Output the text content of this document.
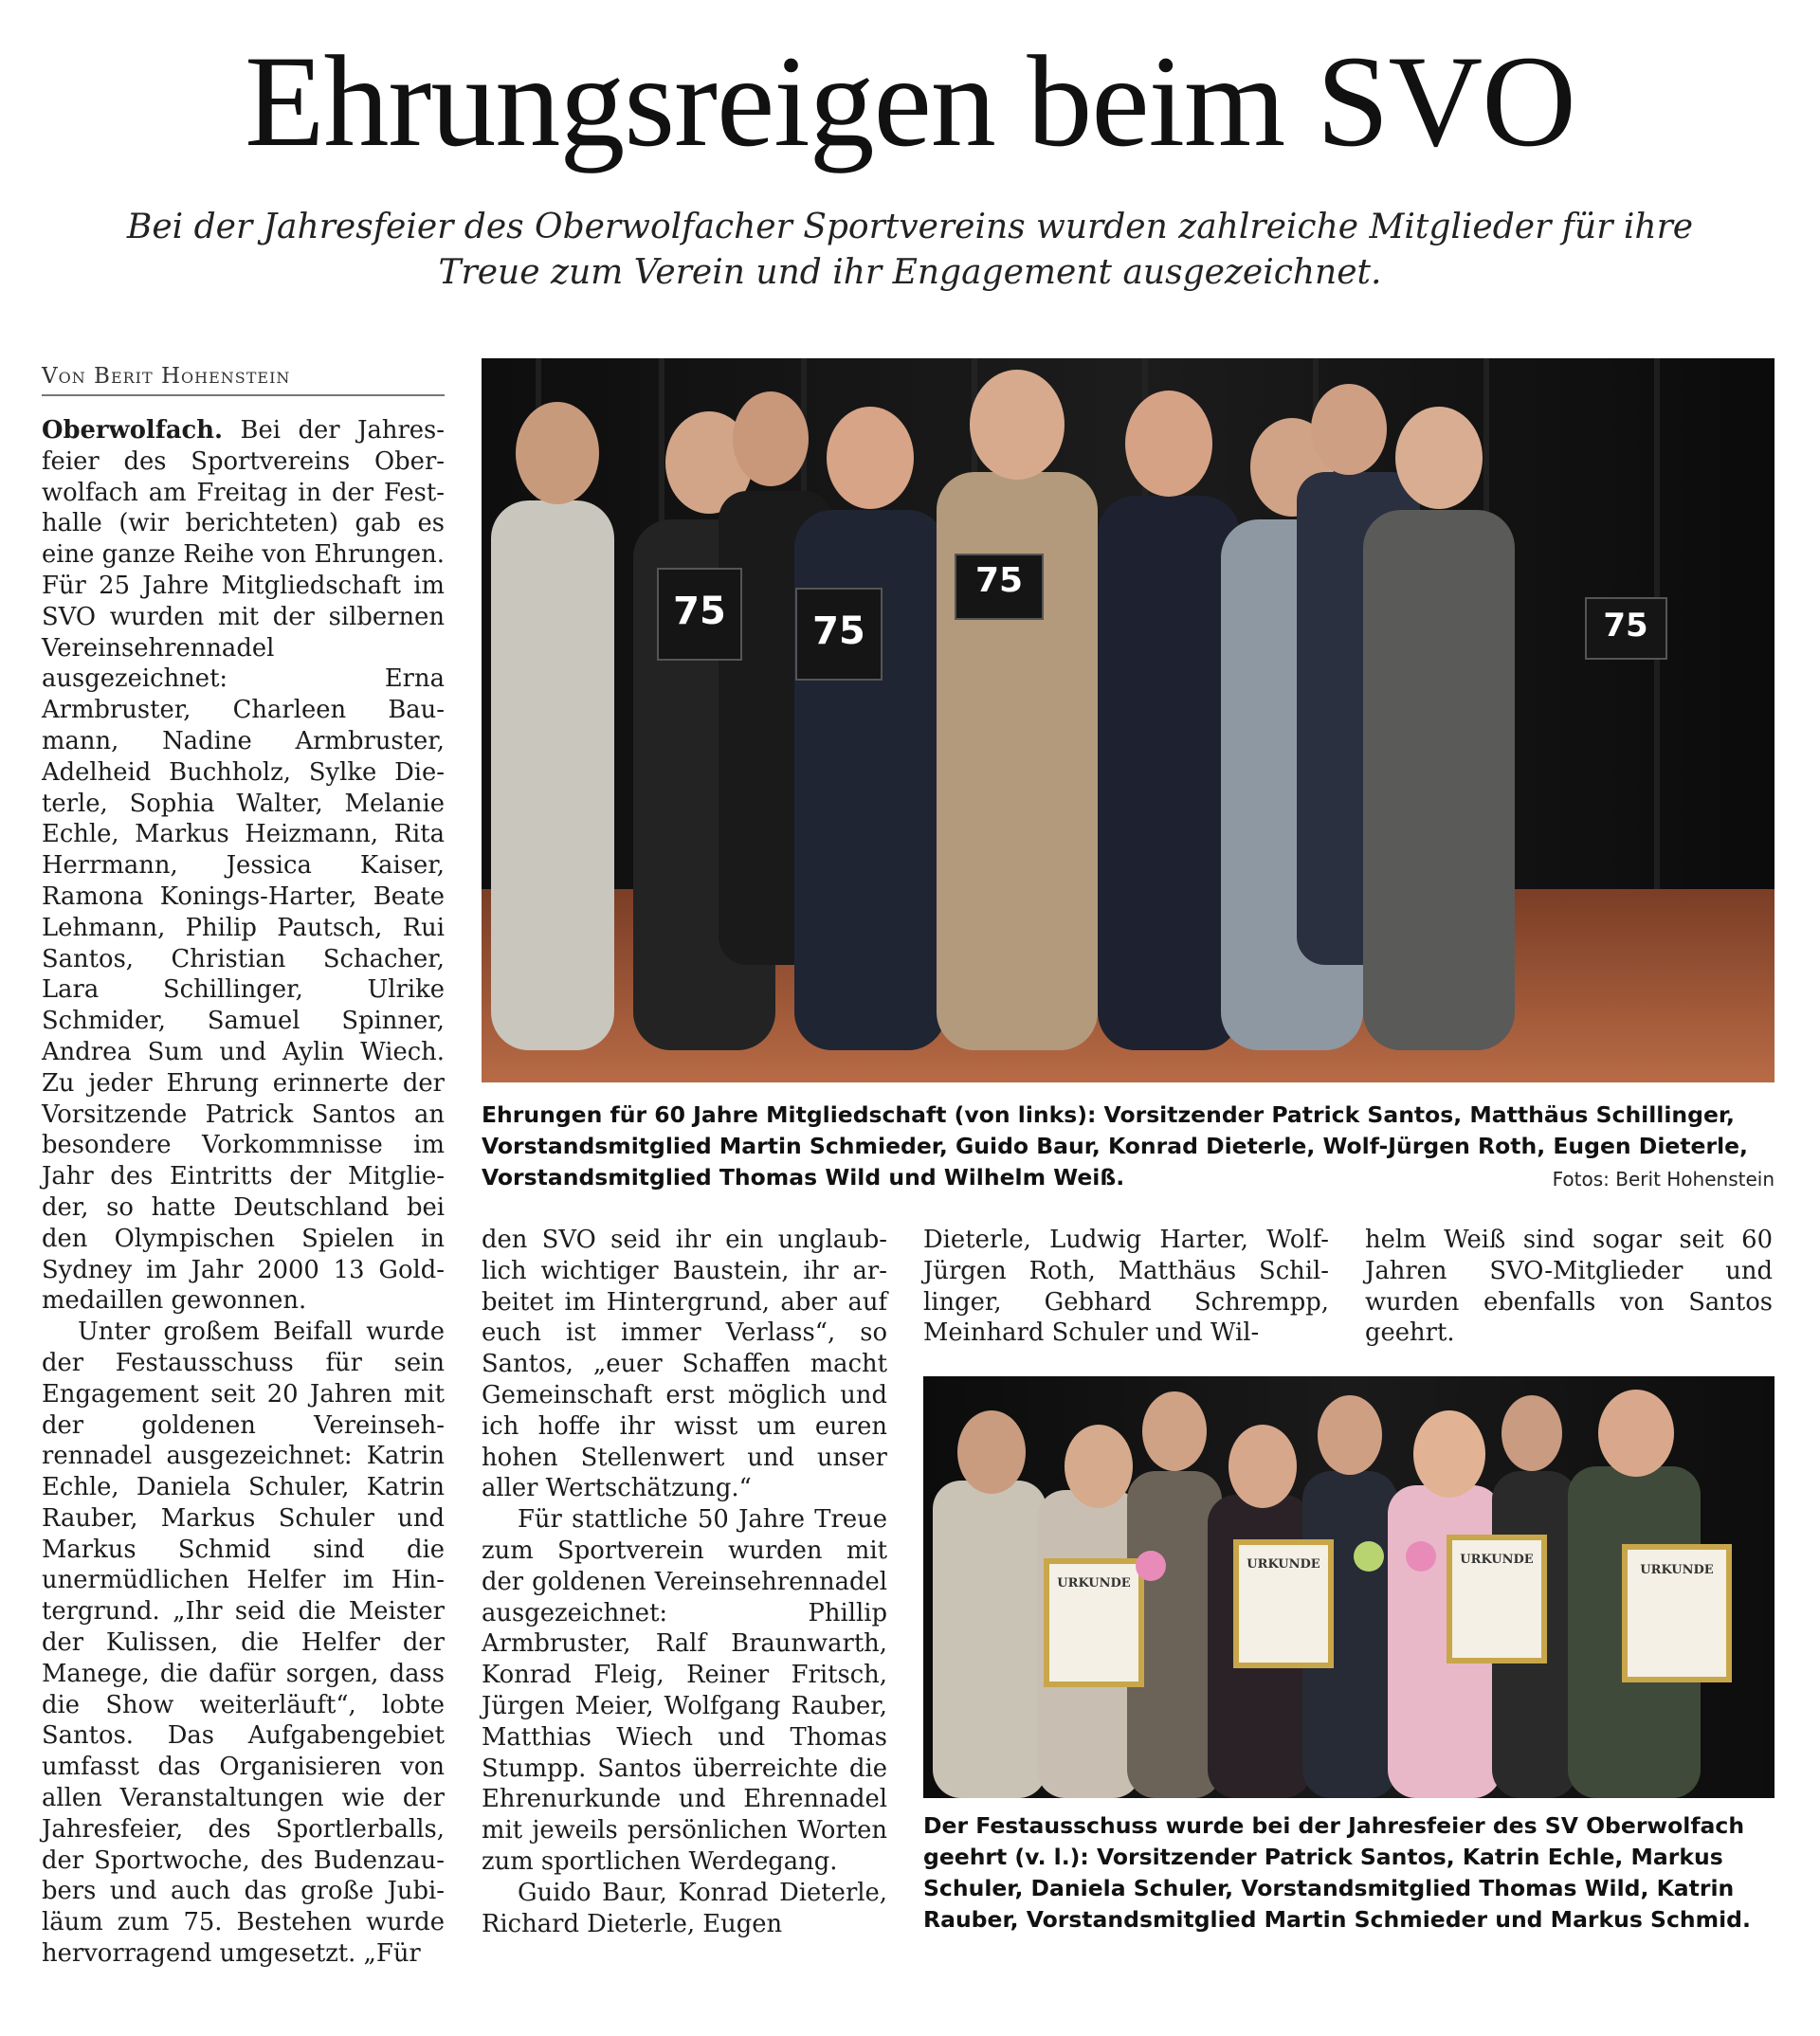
Ehrungsreigen beim SVO
Bei der Jahresfeier des Oberwolfacher Sportvereins wurden zahlreiche Mitglieder für ihre Treue zum Verein und ihr Engagement ausgezeichnet.
Von Berit Hohenstein

Oberwolfach. Bei der Jahresfeier des Sportvereins Oberwolfach am Freitag in der Festhalle (wir berichteten) gab es eine ganze Reihe von Ehrungen. Für 25 Jahre Mitgliedschaft im SVO wurden mit der silbernen Vereinsehrennadel ausgezeichnet: Erna Armbruster, Charleen Baumann, Nadine Armbruster, Adelheid Buchholz, Sylke Dieterle, Sophia Walter, Melanie Echle, Markus Heizmann, Rita Herrmann, Jessica Kaiser, Ramona Konings-Harter, Beate Lehmann, Philip Pautsch, Rui Santos, Christian Schacher, Lara Schillinger, Ulrike Schmider, Samuel Spinner, Andrea Sum und Aylin Wiech. Zu jeder Ehrung erinnerte der Vorsitzende Patrick Santos an besondere Vorkommnisse im Jahr des Eintritts der Mitglieder, so hatte Deutschland bei den Olympischen Spielen in Sydney im Jahr 2000 13 Goldmedaillen gewonnen.

Unter großem Beifall wurde der Festausschuss für sein Engagement seit 20 Jahren mit der goldenen Vereinsehrennadel ausgezeichnet: Katrin Echle, Daniela Schuler, Katrin Rauber, Markus Schuler und Markus Schmid sind die unermüdlichen Helfer im Hintergrund. „Ihr seid die Meister der Kulissen, die Helfer der Manege, die dafür sorgen, dass die Show weiterläuft“, lobte Santos. Das Aufgabengebiet umfasst das Organisieren von allen Veranstaltungen wie der Jahresfeier, des Sportlerballs, der Sportwoche, des Budenzaubers und auch das große Jubiläum zum 75. Bestehen wurde hervorragend umgesetzt. „Für

75 75
75
75
Ehrungen für 60 Jahre Mitgliedschaft (von links): Vorsitzender Patrick Santos, Matthäus Schillinger, Vorstandsmitglied Martin Schmieder, Guido Baur, Konrad Dieterle, Wolf-Jürgen Roth, Eugen Dieterle, Vorstandsmitglied Thomas Wild und Wilhelm Weiß.	Fotos: Berit Hohenstein

den SVO seid ihr ein unglaublich wichtiger Baustein, ihr arbeitet im Hintergrund, aber auf euch ist immer Verlass“, so Santos, „euer Schaffen macht Gemeinschaft erst möglich und ich hoffe ihr wisst um euren hohen Stellenwert und unser aller Wertschätzung.“

Für stattliche 50 Jahre Treue zum Sportverein wurden mit der goldenen Vereinsehrennadel ausgezeichnet: Phillip Armbruster, Ralf Braunwarth, Konrad Fleig, Reiner Fritsch, Jürgen Meier, Wolfgang Rauber, Matthias Wiech und Thomas Stumpp. Santos überreichte die Ehrenurkunde und Ehrennadel mit jeweils persönlichen Worten zum sportlichen Werdegang.

Guido Baur, Konrad Dieterle, Richard Dieterle, Eugen

Dieterle, Ludwig Harter, Wolf-Jürgen Roth, Matthäus Schillinger, Gebhard Schrempp, Meinhard Schuler und Wil-

helm Weiß sind sogar seit 60 Jahren SVO-Mitglieder und wurden ebenfalls von Santos geehrt.

URKUNDE
URKUNDE	URKUNDE
URKUNDE
Der Festausschuss wurde bei der Jahresfeier des SV Oberwolfach geehrt (v. l.): Vorsitzender Patrick Santos, Katrin Echle, Markus Schuler, Daniela Schuler, Vorstandsmitglied Thomas Wild, Katrin Rauber, Vorstandsmitglied Martin Schmieder und Markus Schmid.
